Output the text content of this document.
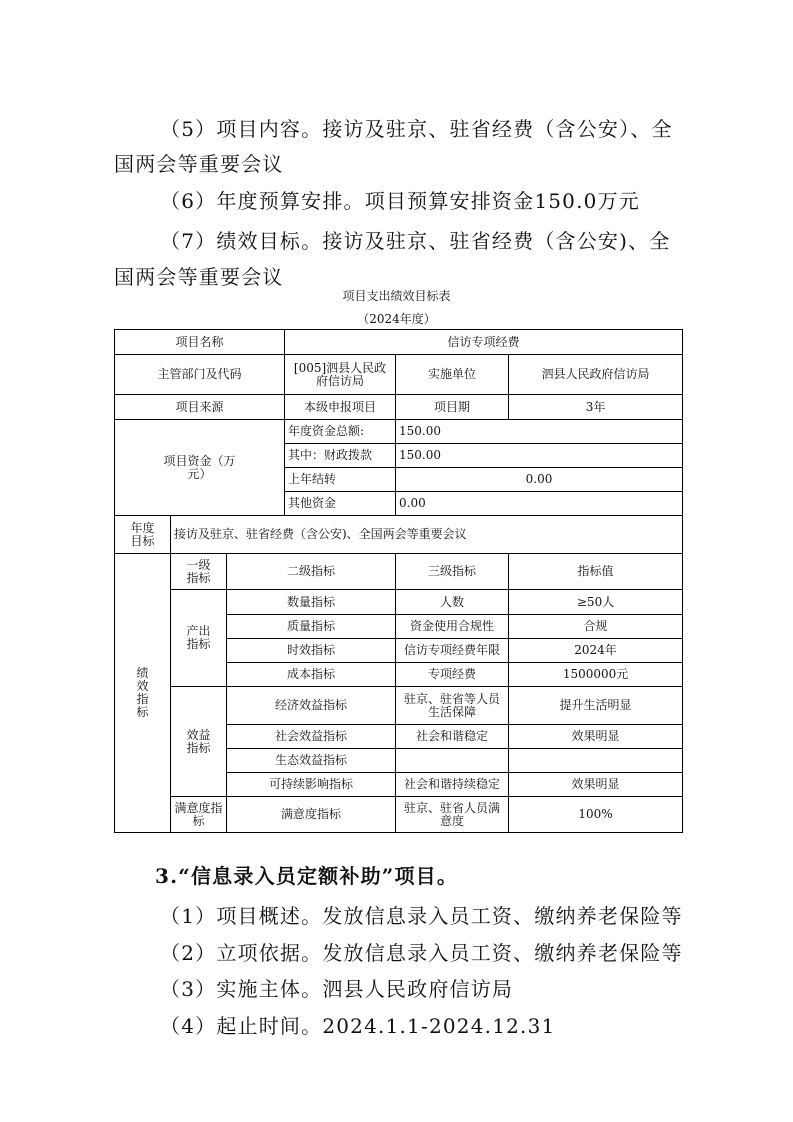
（5）项目内容。接访及驻京、驻省经费（含公安）、全

国两会等重要会议

（6）年度预算安排。项目预算安排资金150.0万元

（7）绩效目标。接访及驻京、驻省经费（含公安)、全

国两会等重要会议

项目支出绩效目标表
（2024年度）
项目名称			信访专项经费		
主管部门及代码			[005]泗县人民政府信访局	实施单位	泗县人民政府信访局
项目来源			本级申报项目	项目期	3年
项目资金（万元）			年度资金总额:	150.00	
			其中：财政拨款	150.00	
			上年结转	0.00	
			其他资金	0.00	
年度目标	接访及驻京、驻省经费（含公安)、全国两会等重要会议				
绩效指标	一级指标	二级指标		三级指标	指标值
	产出指标	数量指标		人数	≥50人
		质量指标		资金使用合规性	合规
		时效指标		信访专项经费年限	2024年
		成本指标		专项经费	1500000元
	效益指标	经济效益指标		驻京、驻省等人员生活保障	提升生活明显
		社会效益指标		社会和谐稳定	效果明显
		生态效益指标			
		可持续影响指标		社会和谐持续稳定	效果明显
	满意度指标	满意度指标		驻京、驻省人员满意度	100%

3.“信息录入员定额补助”项目。

（1）项目概述。发放信息录入员工资、缴纳养老保险等

（2）立项依据。发放信息录入员工资、缴纳养老保险等

（3）实施主体。泗县人民政府信访局

（4）起止时间。2024.1.1-2024.12.31
